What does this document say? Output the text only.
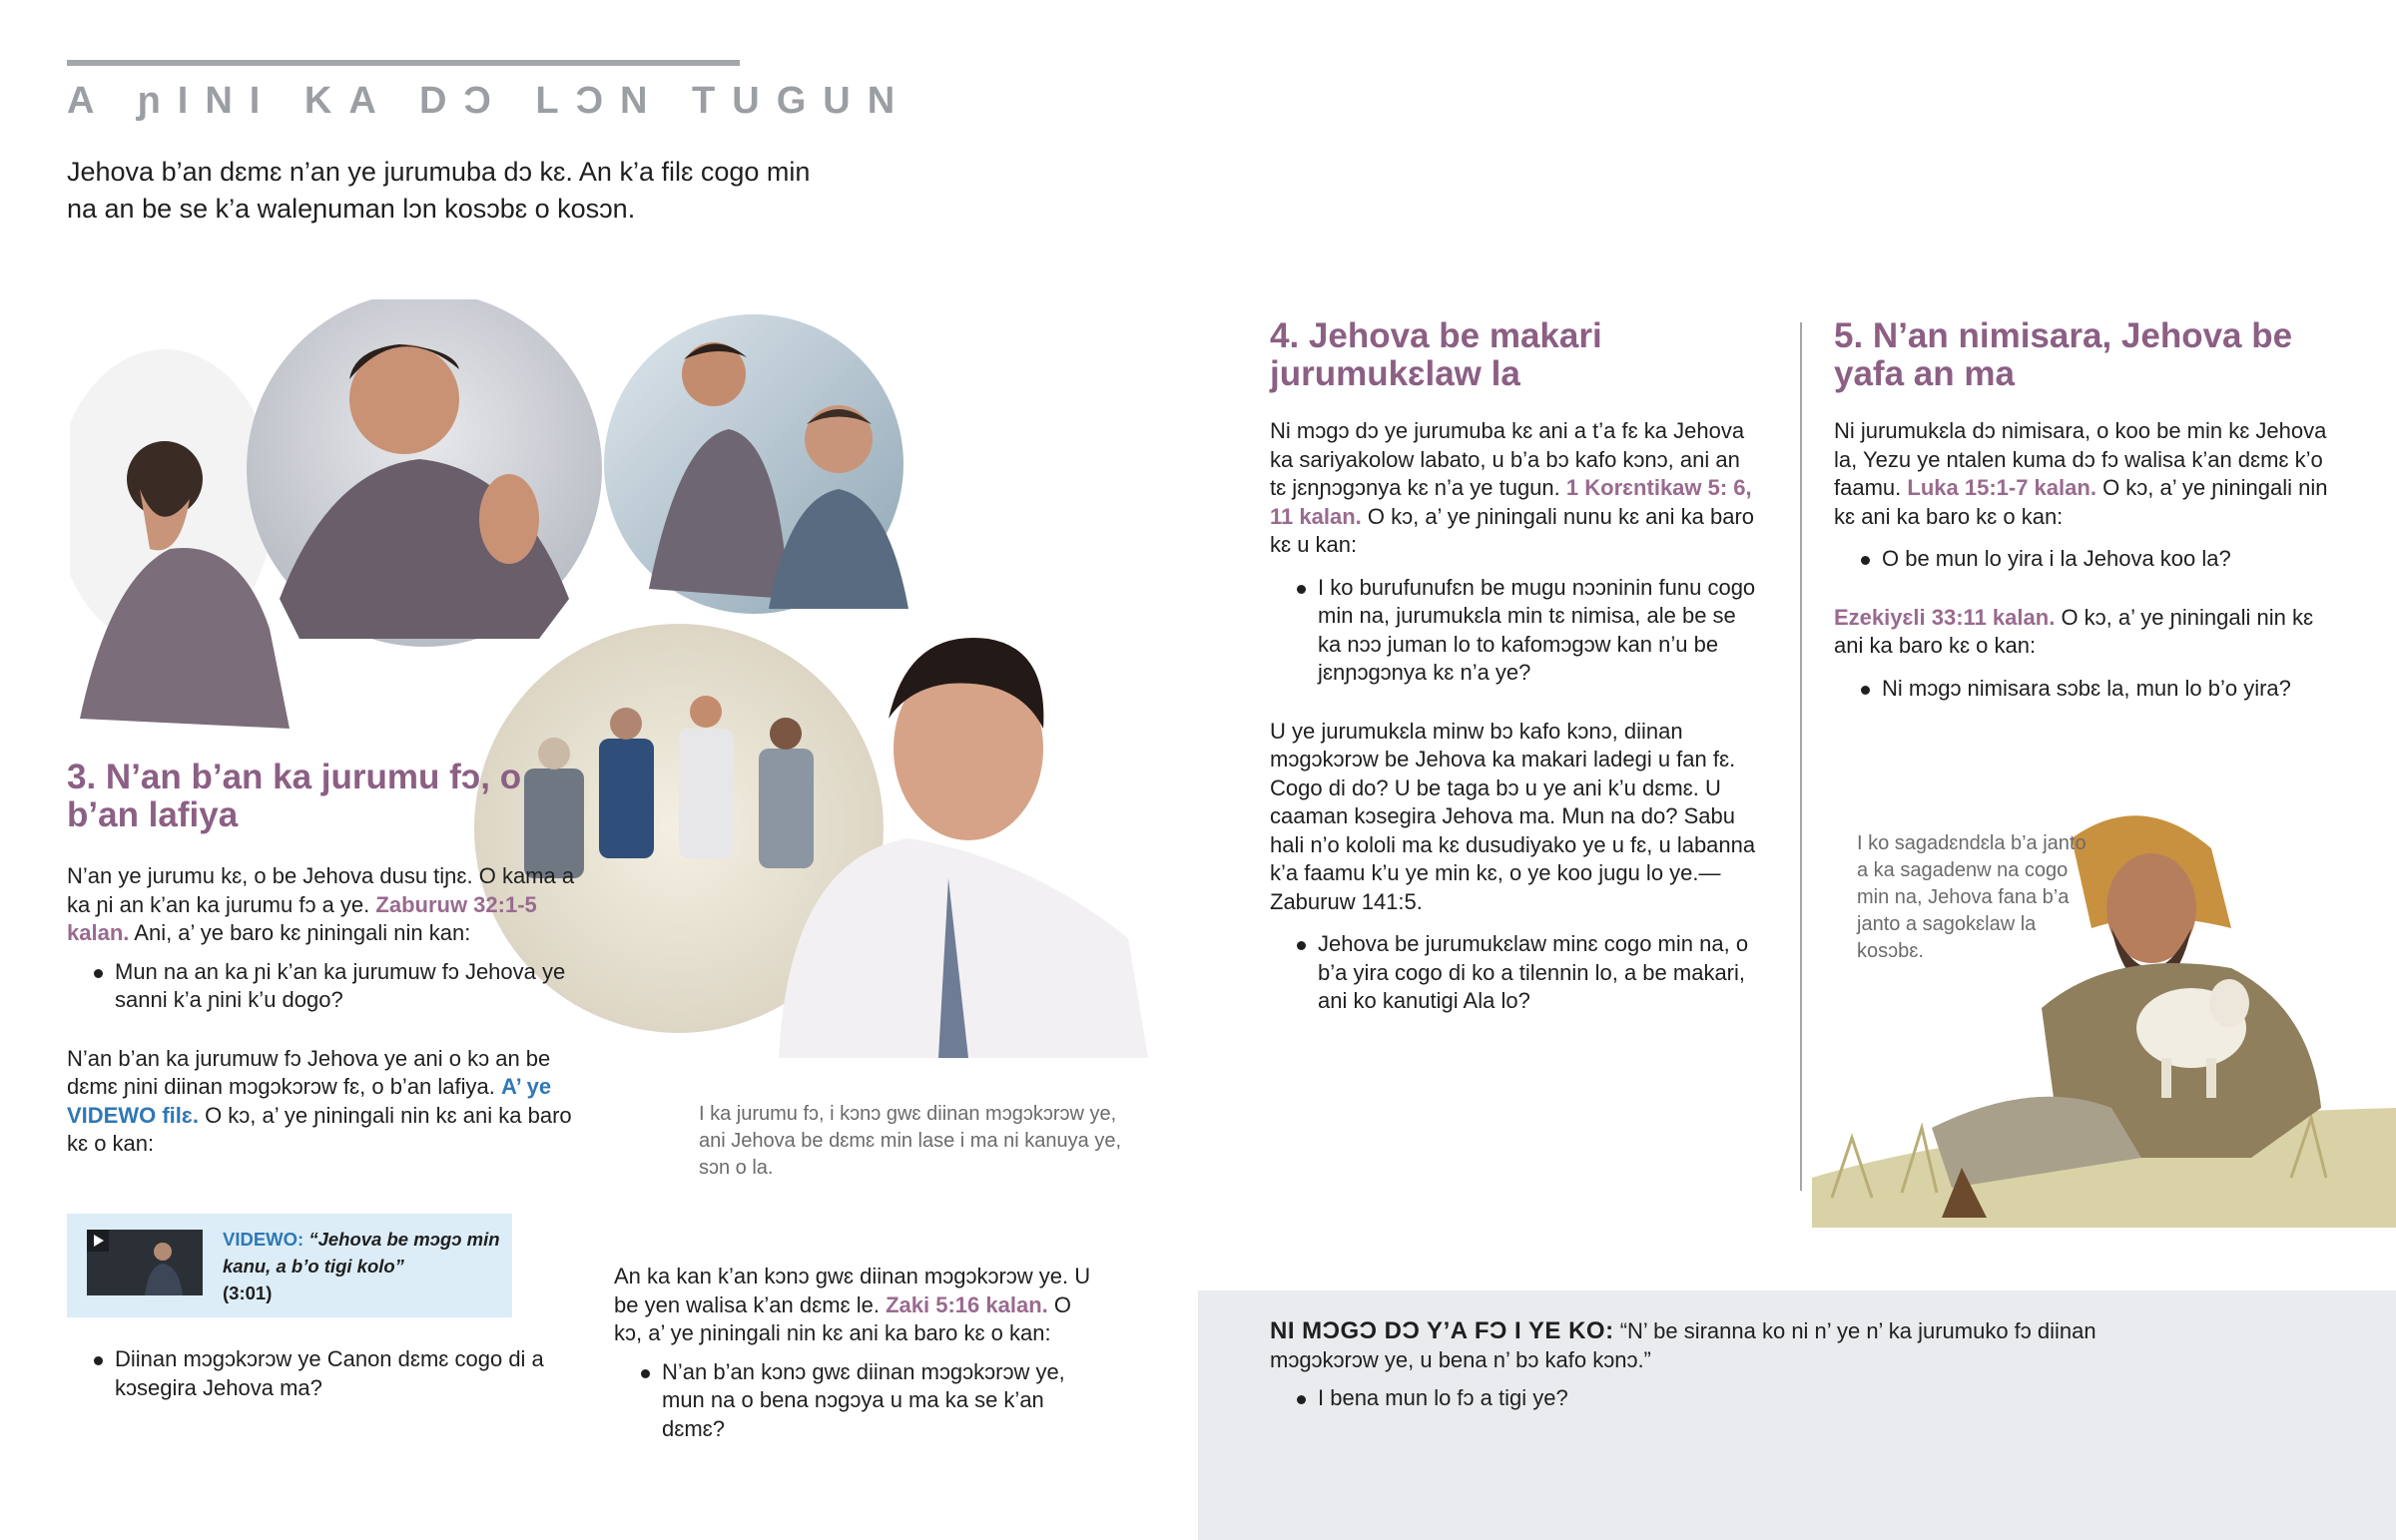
A ɲINI KA DƆ LƆN TUGUN
Jehova b’an dɛmɛ n’an ye jurumuba dɔ kɛ. An k’a filɛ cogo min na an be se k’a waleɲuman lɔn kosɔbɛ o kosɔn.
3. N’an b’an ka jurumu fɔ, o b’an lafiya

N’an ye jurumu kɛ, o be Jehova dusu tiɲɛ. O kama a ka ɲi an k’an ka jurumu fɔ a ye. Zaburuw 32:1-5 kalan. Ani, a’ ye baro kɛ ɲiningali nin kan:

Mun na an ka ɲi k’an ka jurumuw fɔ Jehova ye sanni k’a ɲini k’u dogo?

N’an b’an ka jurumuw fɔ Jehova ye ani o kɔ an be dɛmɛ ɲini diinan mɔgɔkɔrɔw fɛ, o b’an lafiya. A’ ye VIDEWO filɛ. O kɔ, a’ ye ɲiningali nin kɛ ani ka baro kɛ o kan:

VIDEWO: “Jehova be mɔgɔ min kanu, a b’o tigi kolo”
(3:01)
Diinan mɔgɔkɔrɔw ye Canon dɛmɛ cogo di a kɔsegira Jehova ma?
I ka jurumu fɔ, i kɔnɔ gwɛ diinan mɔgɔkɔrɔw ye, ani Jehova be dɛmɛ min lase i ma ni kanuya ye, sɔn o la.

An ka kan k’an kɔnɔ gwɛ diinan mɔgɔkɔrɔw ye. U be yen walisa k’an dɛmɛ le. Zaki 5:16 kalan. O kɔ, a’ ye ɲiningali nin kɛ ani ka baro kɛ o kan:

N’an b’an kɔnɔ gwɛ diinan mɔgɔkɔrɔw ye, mun na o bena nɔgɔya u ma ka se k’an dɛmɛ?
4. Jehova be makari jurumukɛlaw la

Ni mɔgɔ dɔ ye jurumuba kɛ ani a t’a fɛ ka Jehova ka sariyakolow labato, u b’a bɔ kafo kɔnɔ, ani an tɛ jɛnɲɔgɔnya kɛ n’a ye tugun. 1 Korɛntikaw 5: 6, 11 kalan. O kɔ, a’ ye ɲiningali nunu kɛ ani ka baro kɛ u kan:

I ko burufunufɛn be mugu nɔɔninin funu cogo min na, jurumukɛla min tɛ nimisa, ale be se ka nɔɔ juman lo to kafomɔgɔw kan n’u be jɛnɲɔgɔnya kɛ n’a ye?

U ye jurumukɛla minw bɔ kafo kɔnɔ, diinan mɔgɔkɔrɔw be Jehova ka makari ladegi u fan fɛ. Cogo di do? U be taga bɔ u ye ani k’u dɛmɛ. U caaman kɔsegira Jehova ma. Mun na do? Sabu hali n’o kololi ma kɛ dusudiyako ye u fɛ, u labanna k’a faamu k’u ye min kɛ, o ye koo jugu lo ye.—Zaburuw 141:5.

Jehova be jurumukɛlaw minɛ cogo min na, o b’a yira cogo di ko a tilennin lo, a be makari, ani ko kanutigi Ala lo?
5. N’an nimisara, Jehova be yafa an ma

Ni jurumukɛla dɔ nimisara, o koo be min kɛ Jehova la, Yezu ye ntalen kuma dɔ fɔ walisa k’an dɛmɛ k’o faamu. Luka 15:1-7 kalan. O kɔ, a’ ye ɲiningali nin kɛ ani ka baro kɛ o kan:

O be mun lo yira i la Jehova koo la?

Ezekiyɛli 33:11 kalan. O kɔ, a’ ye ɲiningali nin kɛ ani ka baro kɛ o kan:

Ni mɔgɔ nimisara sɔbɛ la, mun lo b’o yira?
I ko sagadɛndɛla b’a janto a ka sagadenw na cogo min na, Jehova fana b’a janto a sagokɛlaw la kosɔbɛ.

NI MƆGƆ DƆ Y’A FƆ I YE KO: “N’ be siranna ko ni n’ ye n’ ka jurumuko fɔ diinan mɔgɔkɔrɔw ye, u bena n’ bɔ kafo kɔnɔ.”

I bena mun lo fɔ a tigi ye?
